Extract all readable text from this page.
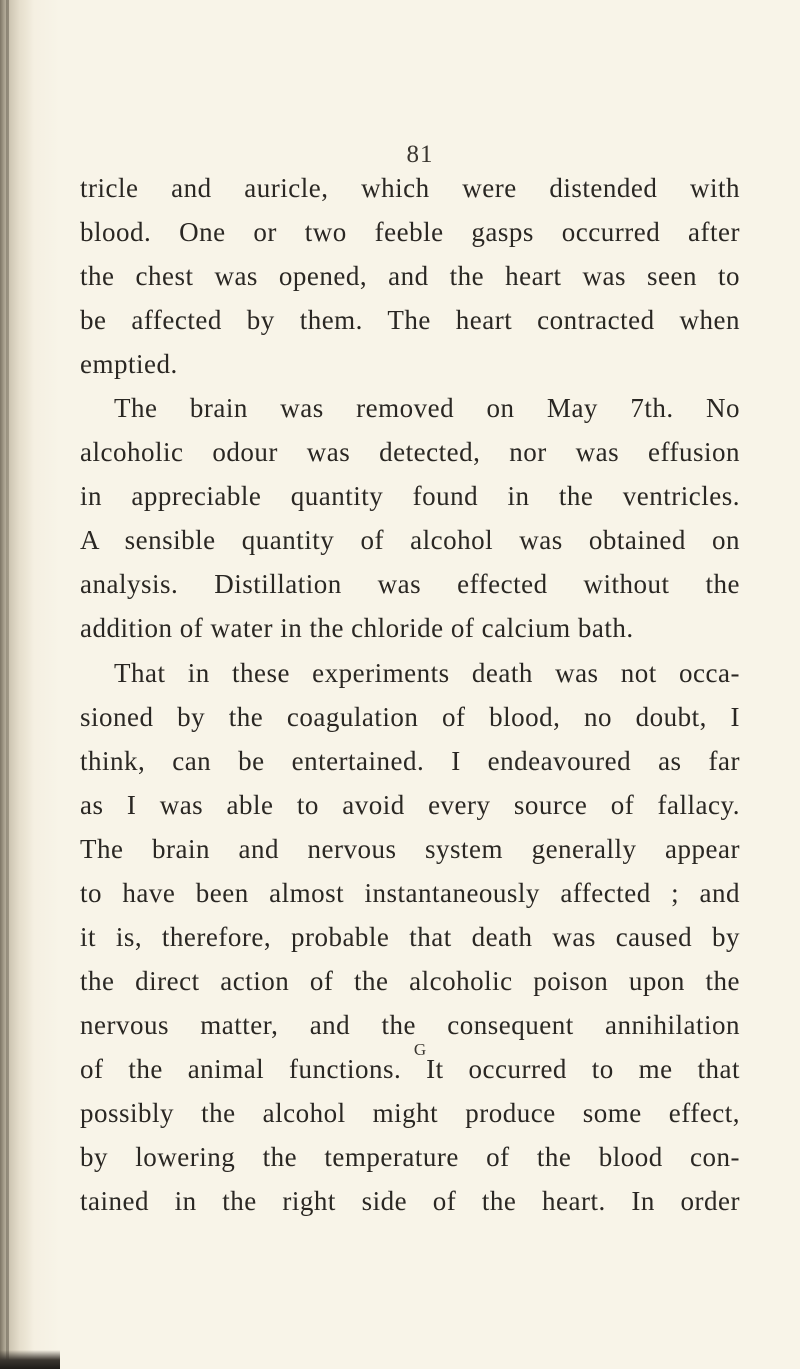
81
tricle and auricle, which were distended with
blood. One or two feeble gasps occurred after
the chest was opened, and the heart was seen to
be affected by them. The heart contracted when
emptied.
The brain was removed on May 7th. No
alcoholic odour was detected, nor was effusion
in appreciable quantity found in the ventricles.
A sensible quantity of alcohol was obtained on
analysis. Distillation was effected without the
addition of water in the chloride of calcium bath.
That in these experiments death was not occa-
sioned by the coagulation of blood, no doubt, I
think, can be entertained. I endeavoured as far
as I was able to avoid every source of fallacy.
The brain and nervous system generally appear
to have been almost instantaneously affected ; and
it is, therefore, probable that death was caused by
the direct action of the alcoholic poison upon the
nervous matter, and the consequent annihilation
of the animal functions. It occurred to me that
possibly the alcohol might produce some effect,
by lowering the temperature of the blood con-
tained in the right side of the heart. In order
G
